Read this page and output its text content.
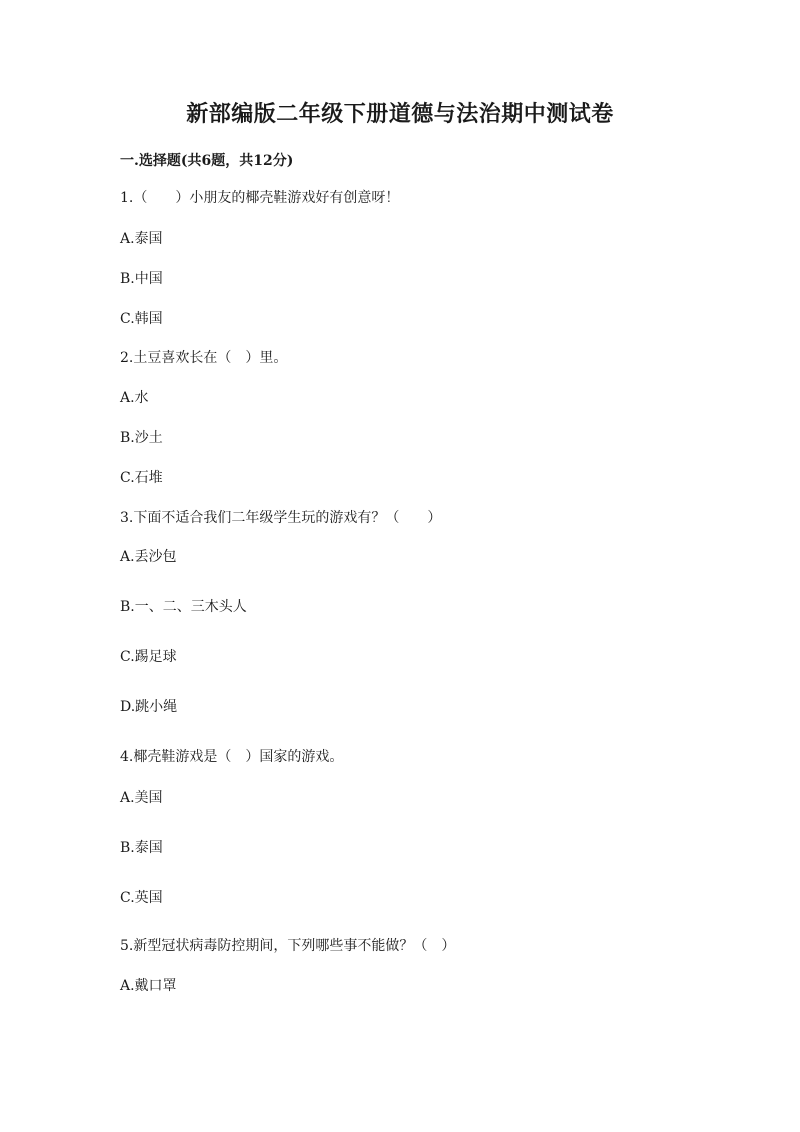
新部编版二年级下册道德与法治期中测试卷
一.选择题(共6题，共12分)
1.（　　）小朋友的椰壳鞋游戏好有创意呀！
A.泰国
B.中国
C.韩国
2.土豆喜欢长在（　）里。
A.水
B.沙土
C.石堆
3.下面不适合我们二年级学生玩的游戏有？（　　）
A.丢沙包
B.一、二、三木头人
C.踢足球
D.跳小绳
4.椰壳鞋游戏是（　）国家的游戏。
A.美国
B.泰国
C.英国
5.新型冠状病毒防控期间，下列哪些事不能做？（　）
A.戴口罩
